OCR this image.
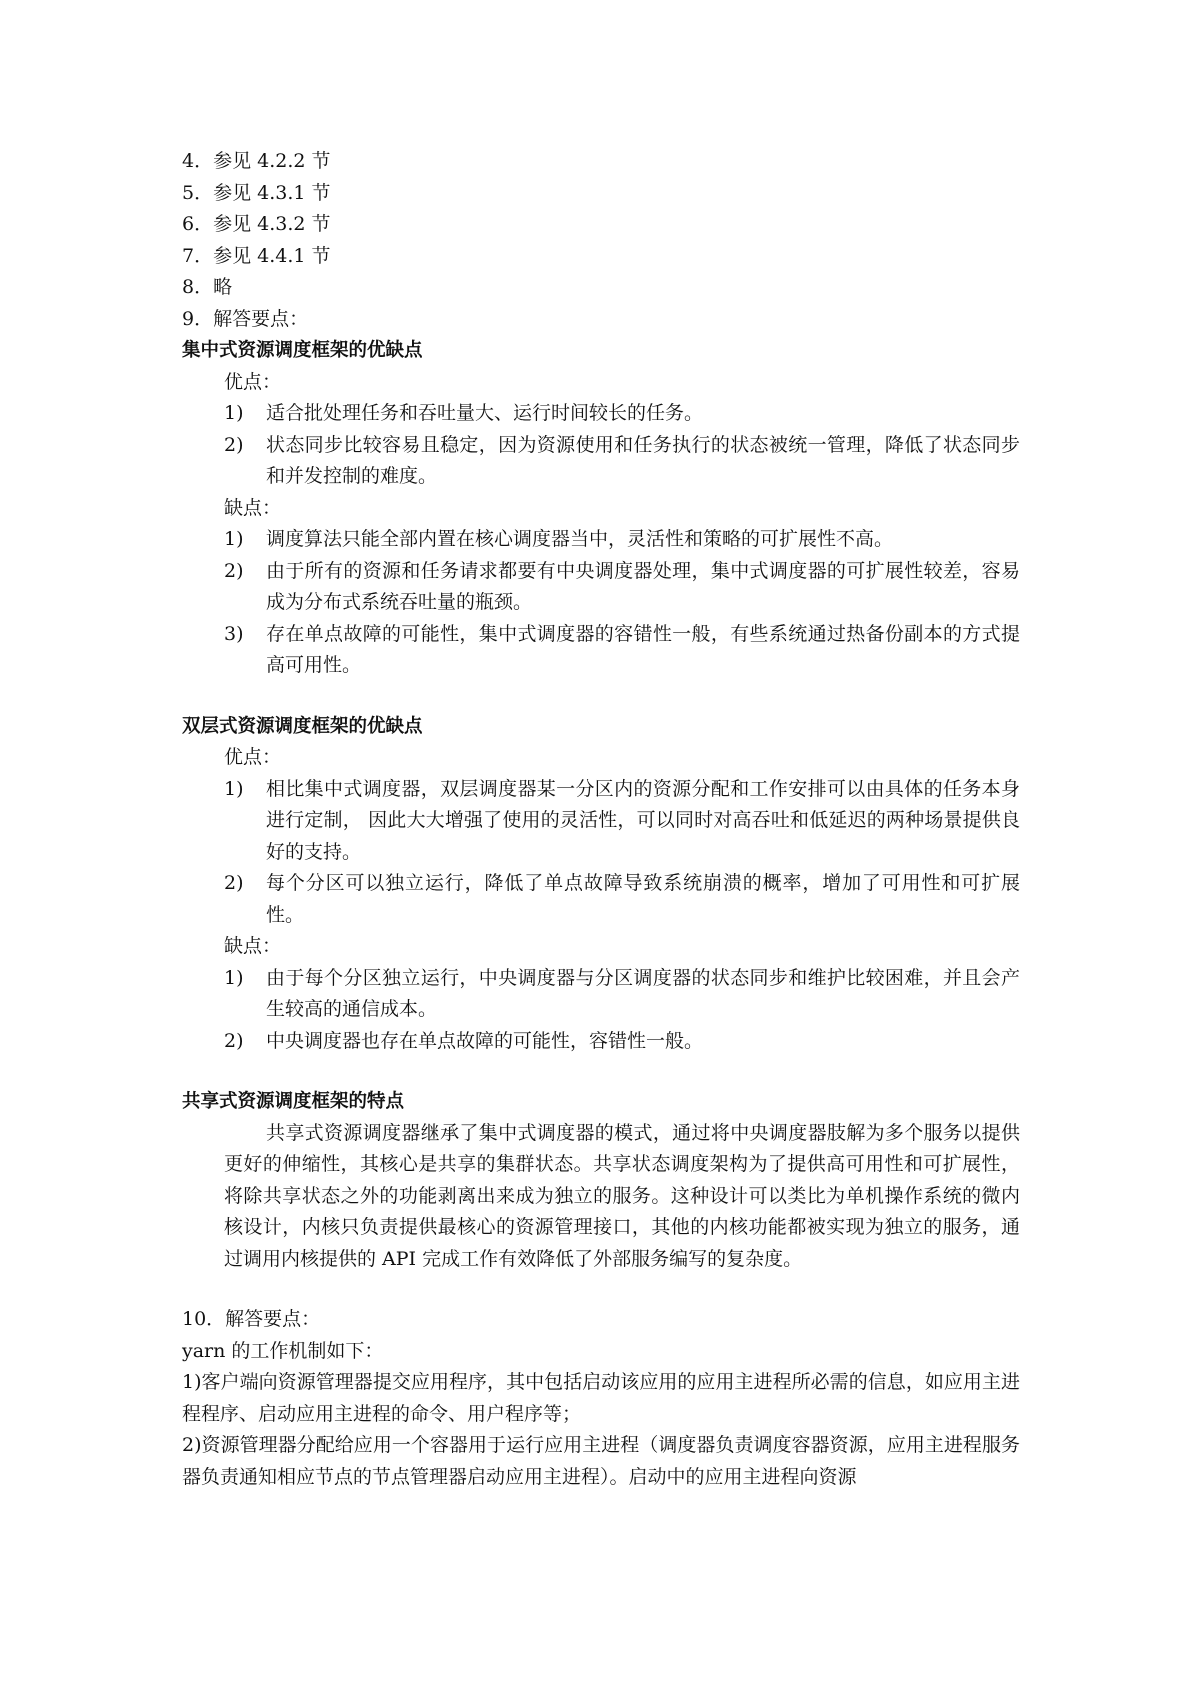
4．参见 4.2.2 节
5．参见 4.3.1 节
6．参见 4.3.2 节
7．参见 4.4.1 节
8．略
9．解答要点：
集中式资源调度框架的优缺点
优点：
1) 适合批处理任务和吞吐量大、运行时间较长的任务。
2) 状态同步比较容易且稳定，因为资源使用和任务执行的状态被统一管理，降低了状态同步和并发控制的难度。
缺点：
1) 调度算法只能全部内置在核心调度器当中，灵活性和策略的可扩展性不高。
2) 由于所有的资源和任务请求都要有中央调度器处理，集中式调度器的可扩展性较差，容易成为分布式系统吞吐量的瓶颈。
3) 存在单点故障的可能性，集中式调度器的容错性一般，有些系统通过热备份副本的方式提高可用性。
双层式资源调度框架的优缺点
优点：
1) 相比集中式调度器，双层调度器某一分区内的资源分配和工作安排可以由具体的任务本身进行定制， 因此大大增强了使用的灵活性，可以同时对高吞吐和低延迟的两种场景提供良好的支持。
2) 每个分区可以独立运行，降低了单点故障导致系统崩溃的概率，增加了可用性和可扩展性。
缺点：
1) 由于每个分区独立运行，中央调度器与分区调度器的状态同步和维护比较困难，并且会产生较高的通信成本。
2) 中央调度器也存在单点故障的可能性，容错性一般。
共享式资源调度框架的特点
共享式资源调度器继承了集中式调度器的模式，通过将中央调度器肢解为多个服务以提供更好的伸缩性，其核心是共享的集群状态。共享状态调度架构为了提供高可用性和可扩展性，将除共享状态之外的功能剥离出来成为独立的服务。这种设计可以类比为单机操作系统的微内核设计，内核只负责提供最核心的资源管理接口，其他的内核功能都被实现为独立的服务，通过调用内核提供的 API 完成工作有效降低了外部服务编写的复杂度。
10．解答要点：
yarn 的工作机制如下：
1)客户端向资源管理器提交应用程序，其中包括启动该应用的应用主进程所必需的信息，如应用主进程程序、启动应用主进程的命令、用户程序等；
2)资源管理器分配给应用一个容器用于运行应用主进程（调度器负责调度容器资源，应用主进程服务器负责通知相应节点的节点管理器启动应用主进程）。启动中的应用主进程向资源
